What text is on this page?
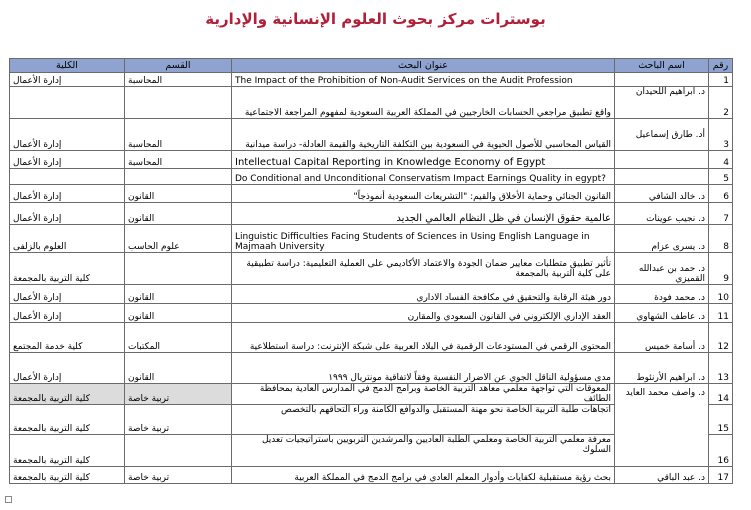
بوسترات مركز بحوث العلوم الإنسانية والإدارية
رقم	اسم الباحث	عنوان البحث	القسم	الكلية
1		The Impact of the Prohibition of Non-Audit Services on the Audit Profession	المحاسبة	إدارة الأعمال
2	د. ابراهيم اللحيدان	واقع تطبيق مراجعي الحسابات الخارجيين في المملكة العربية السعودية لمفهوم المراجعة الاجتماعية		
3	أد. طارق إسماعيل	القياس المحاسبي للأصول الحيوية في السعودية بين التكلفة التاريخية والقيمة العادلة- دراسة ميدانية	المحاسبة	إدارة الأعمال
4		Intellectual Capital Reporting in Knowledge Economy of Egypt	المحاسبة	إدارة الأعمال
5		Do Conditional and Unconditional Conservatism Impact Earnings Quality in egypt?		
6	د. خالد الشافي	القانون الجنائي وحماية الأخلاق والقيم: "التشريعات السعودية أنموذجاً"	القانون	إدارة الأعمال
7	د. نجيب عوينات	عالمية حقوق الإنسان في ظل النظام العالمي الجديد	القانون	إدارة الأعمال
8	د. يسرى عزام	Linguistic Difficulties Facing Students of Sciences in Using English Language in Majmaah University	علوم الحاسب	العلوم بالزلفى
9	د. حمد بن عبدالله القميزي	تأثير تطبيق متطلبات معايير ضمان الجودة والاعتماد الأكاديمي على العملية التعليمية: دراسة تطبيقية على كلية التربية بالمجمعة		كلية التربية بالمجمعة
10	د. محمد فودة	دور هيئة الرقابة والتحقيق في مكافحة الفساد الاداري	القانون	إدارة الأعمال
11	د. عاطف الشهاوي	العقد الإداري الإلكتروني في القانون السعودي والمقارن	القانون	إدارة الأعمال
12	د. أسامة خميس	المحتوى الرقمي في المستودعات الرقمية في البلاد العربية على شبكة الإنترنت: دراسة استطلاعية	المكتبات	كلية خدمة المجتمع
13	د. ابراهيم الأرنئوط	مدى مسؤولية الناقل الجوي عن الاضرار النفسية وفقاً لاتفاقية مونتريال ١٩٩٩	القانون	إدارة الأعمال
14	د. واصف محمد العايد	المعوقات التي تواجهة معلمي معاهد التربية الخاصة وبرامج الدمج في المدارس العادية بمحافظة الطائف	تربية خاصة	كلية التربية بالمجمعة
15		اتجاهات طلبة التربية الخاصة نحو مهنة المستقبل والدوافع الكامنة وراء التحاقهم بالتخصص	تربية خاصة	كلية التربية بالمجمعة
16		معرفة معلمي التربية الخاصة ومعلمي الطلبة العاديين والمرشدين التربويين باستراتيجيات تعديل السلوك		كلية التربية بالمجمعة
17	د. عبد الباقي	بحث رؤية مستقبلية لكفايات وأدوار المعلم العادي في برامج الدمج في المملكة العربية	تربية خاصة	كلية التربية بالمجمعة
